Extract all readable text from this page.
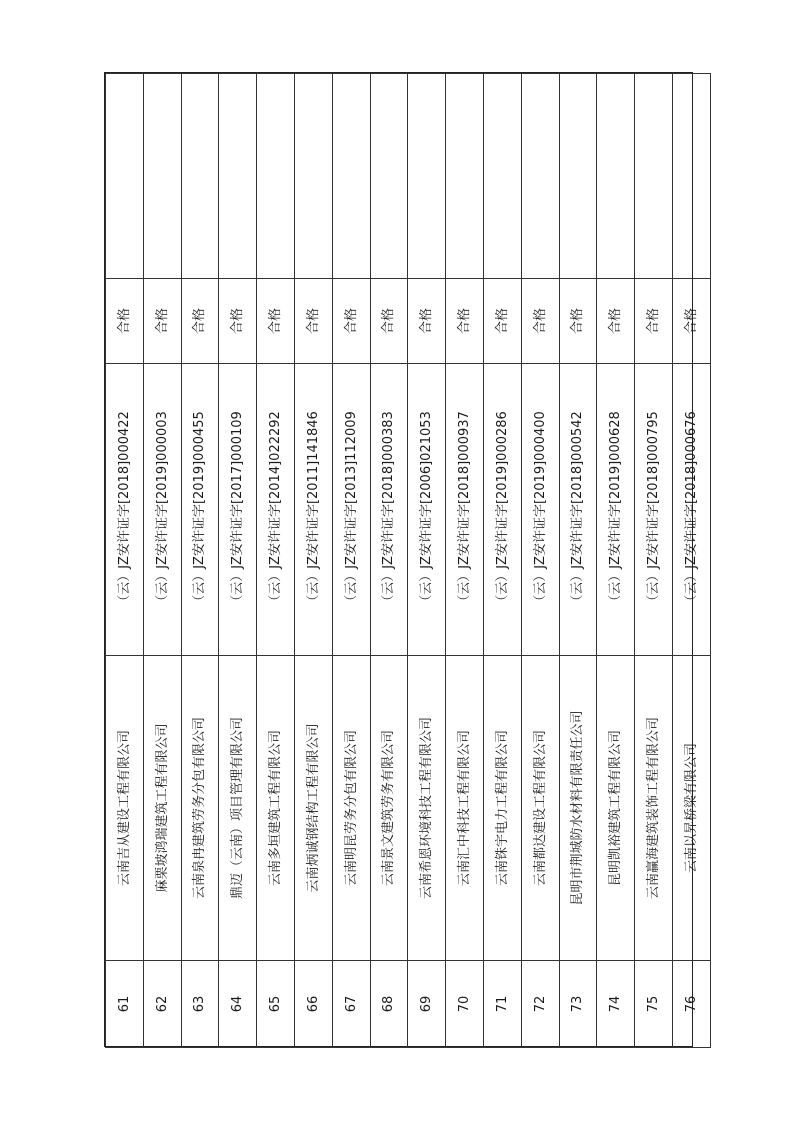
61	云南吉从建设工程有限公司	（云）JZ安许证字[2018]000422	合格	
62	麻栗坡鸿瑞建筑工程有限公司	（云）JZ安许证字[2019]000003	合格	
63	云南泉冉建筑劳务分包有限公司	（云）JZ安许证字[2019]000455	合格	
64	鼎迈（云南）项目管理有限公司	（云）JZ安许证字[2017]000109	合格	
65	云南多垣建筑工程有限公司	（云）JZ安许证字[2014]022292	合格	
66	云南炳诚钢结构工程有限公司	（云）JZ安许证字[2011]141846	合格	
67	云南明昆劳务分包有限公司	（云）JZ安许证字[2013]112009	合格	
68	云南景文建筑劳务有限公司	（云）JZ安许证字[2018]000383	合格	
69	云南希恩环境科技工程有限公司	（云）JZ安许证字[2006]021053	合格	
70	云南汇中科技工程有限公司	（云）JZ安许证字[2018]000937	合格	
71	云南铢宇电力工程有限公司	（云）JZ安许证字[2019]000286	合格	
72	云南都达建设工程有限公司	（云）JZ安许证字[2019]000400	合格	
73	昆明市荆城防水材料有限责任公司	（云）JZ安许证字[2018]000542	合格	
74	昆明凯裕建筑工程有限公司	（云）JZ安许证字[2019]000628	合格	
75	云南赢海建筑装饰工程有限公司	（云）JZ安许证字[2018]000795	合格	
76	云南以昇桥梁有限公司	（云）JZ安许证字[2018]000676	合格	
